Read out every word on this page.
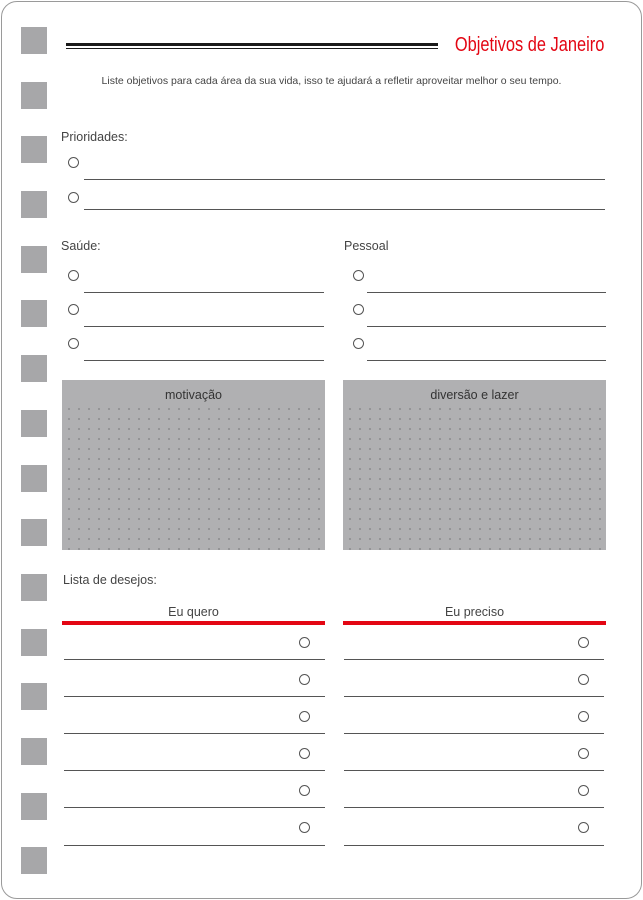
Objetivos de Janeiro
Liste objetivos para cada área da sua vida, isso te ajudará a refletir aproveitar melhor o seu tempo.
Prioridades:
Saúde:	Pessoal
motivação	diversão e lazer
Lista de desejos:
Eu quero	Eu preciso
